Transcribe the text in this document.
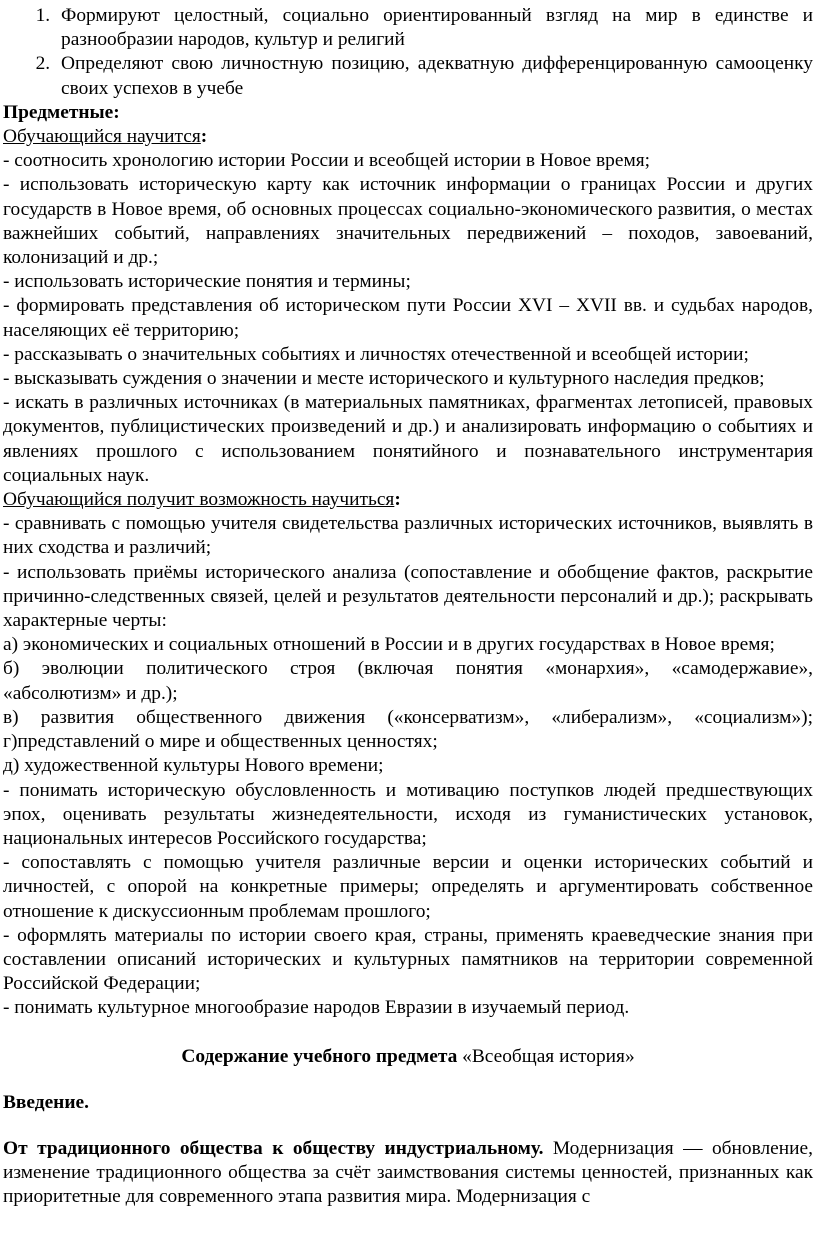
1. Формируют целостный, социально ориентированный взгляд на мир в единстве и разнообразии народов, культур и религий
2. Определяют свою личностную позицию, адекватную дифференцированную самооценку своих успехов в учебе

Предметные:

Обучающийся научится:

- соотносить хронологию истории России и всеобщей истории в Новое время;

- использовать историческую карту как источник информации о границах России и других государств в Новое время, об основных процессах социально-экономического развития, о местах важнейших событий, направлениях значительных передвижений – походов, завоеваний, колонизаций и др.;

- использовать исторические понятия и термины;

- формировать представления об историческом пути России XVI – XVII вв. и судьбах народов, населяющих её территорию;

- рассказывать о значительных событиях и личностях отечественной и всеобщей истории;

- высказывать суждения о значении и месте исторического и культурного наследия предков;

- искать в различных источниках (в материальных памятниках, фрагментах летописей, правовых документов, публицистических произведений и др.) и анализировать информацию о событиях и явлениях прошлого с использованием понятийного и познавательного инструментария социальных наук.

Обучающийся получит возможность научиться:

- сравнивать с помощью учителя свидетельства различных исторических источников, выявлять в них сходства и различий;

- использовать приёмы исторического анализа (сопоставление и обобщение фактов, раскрытие причинно-следственных связей, целей и результатов деятельности персоналий и др.); раскрывать характерные черты:

а) экономических и социальных отношений в России и в других государствах в Новое время;

б) эволюции политического строя (включая понятия «монархия», «самодержавие», «абсолютизм» и др.);

в) развития общественного движения («консерватизм», «либерализм», «социализм»); г)представлений о мире и общественных ценностях;

д) художественной культуры Нового времени;

- понимать историческую обусловленность и мотивацию поступков людей предшествующих эпох, оценивать результаты жизнедеятельности, исходя из гуманистических установок, национальных интересов Российского государства;

- сопоставлять с помощью учителя различные версии и оценки исторических событий и личностей, с опорой на конкретные примеры; определять и аргументировать собственное отношение к дискуссионным проблемам прошлого;

- оформлять материалы по истории своего края, страны, применять краеведческие знания при составлении описаний исторических и культурных памятников на территории современной Российской Федерации;

- понимать культурное многообразие народов Евразии в изучаемый период.

Содержание учебного предмета «Всеобщая история»

Введение.

От традиционного общества к обществу индустриальному. Модернизация — обновление, изменение традиционного общества за счёт заимствования системы ценностей, признанных как приоритетные для современного этапа развития мира. Модернизация с
